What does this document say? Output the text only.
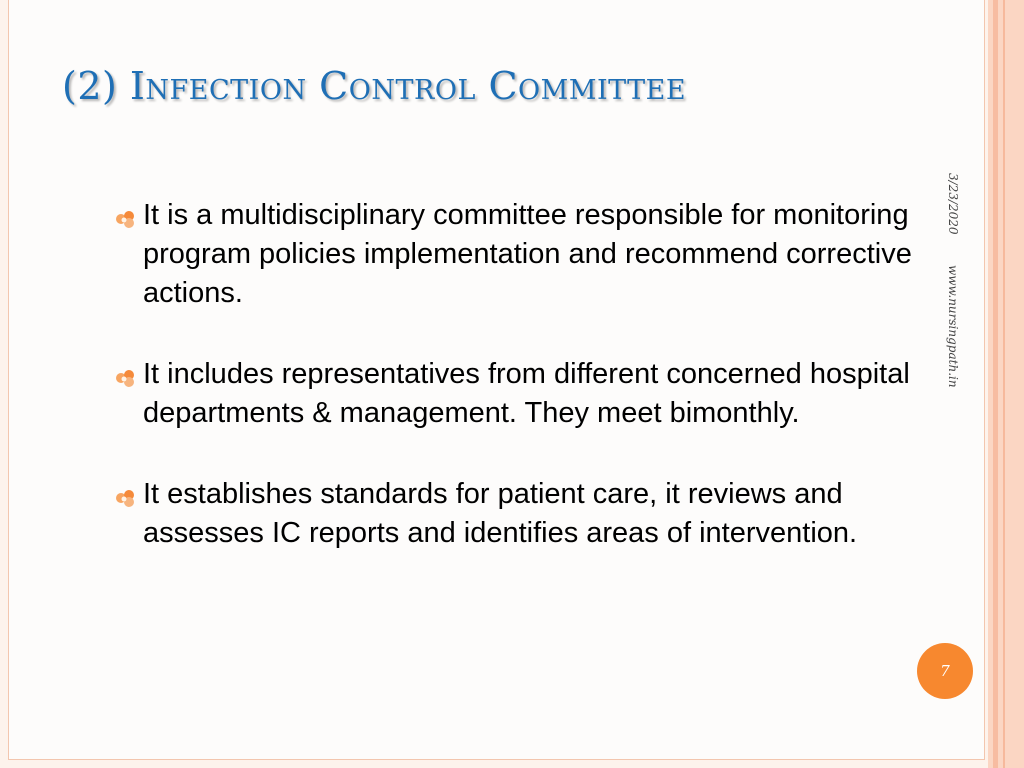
(2) Infection Control Committee
It is a multidisciplinary committee responsible for monitoring program policies implementation and recommend corrective actions.
It includes representatives from different concerned hospital departments & management. They meet bimonthly.
It establishes standards for patient care, it reviews and assesses IC reports and identifies areas of intervention.
3/23/2020
www.nursingpath.in
7
